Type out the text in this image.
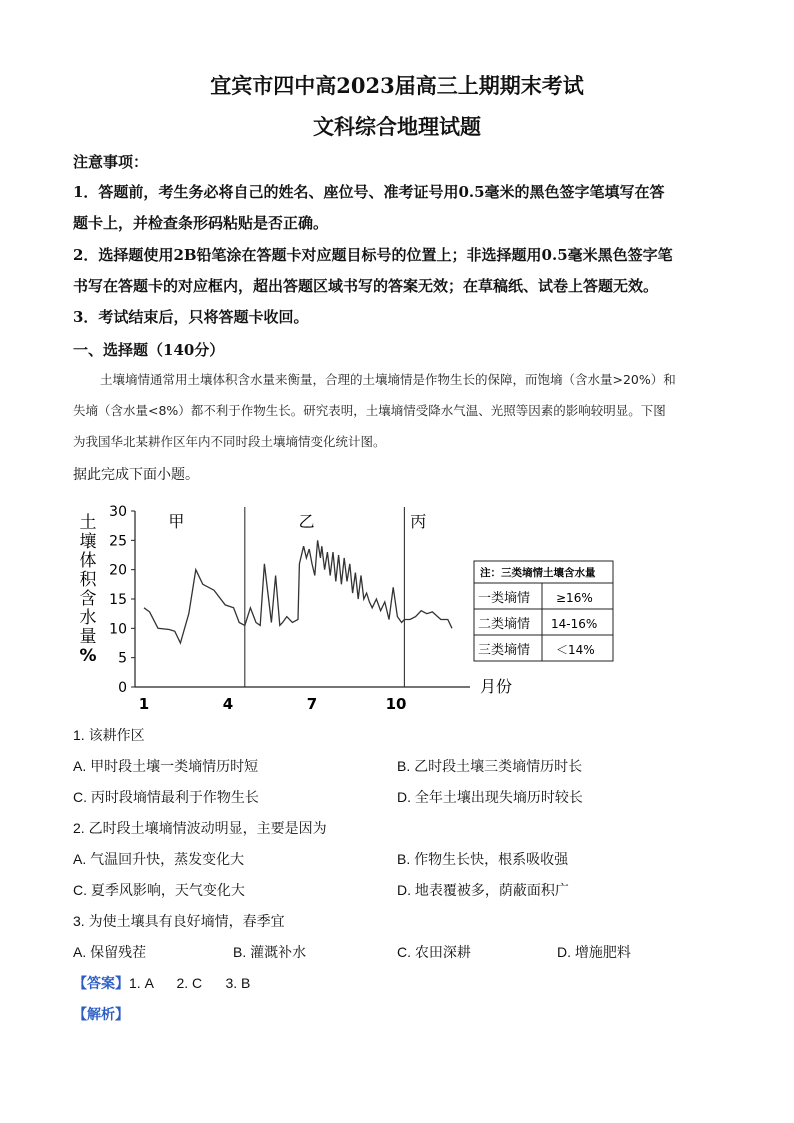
宜宾市四中高2023届高三上期期末考试
文科综合地理试题
注意事项：
1．答题前，考生务必将自己的姓名、座位号、准考证号用0.5毫米的黑色签字笔填写在答
题卡上，并检查条形码粘贴是否正确。
2．选择题使用2B铅笔涂在答题卡对应题目标号的位置上；非选择题用0.5毫米黑色签字笔
书写在答题卡的对应框内，超出答题区域书写的答案无效；在草稿纸、试卷上答题无效。
3．考试结束后，只将答题卡收回。
一、选择题（140分）
土壤墒情通常用土壤体积含水量来衡量，合理的土壤墒情是作物生长的保障，而饱墒（含水量>20%）和
失墒（含水量<8%）都不利于作物生长。研究表明，土壤墒情受降水气温、光照等因素的影响较明显。下图
为我国华北某耕作区年内不同时段土壤墒情变化统计图。
据此完成下面小题。
土
壤
体
积
含
水
量
%
0
5
10
15
20
25
30
1	4	7	10
甲	乙	丙
月份
注：三类墒情土壤含水量
一类墒情 ≥16%
二类墒情 14-16%
三类墒情 ＜14%
1. 该耕作区
A. 甲时段土壤一类墒情历时短	B. 乙时段土壤三类墒情历时长
C. 丙时段墒情最利于作物生长	D. 全年土壤出现失墒历时较长
2. 乙时段土壤墒情波动明显，主要是因为
A. 气温回升快，蒸发变化大	B. 作物生长快，根系吸收强
C. 夏季风影响，天气变化大	D. 地表覆被多，荫蔽面积广
3. 为使土壤具有良好墒情，春季宜
A. 保留残茬	B. 灌溉补水	C. 农田深耕	D. 增施肥料
【答案】1. A      2. C      3. B
【解析】
